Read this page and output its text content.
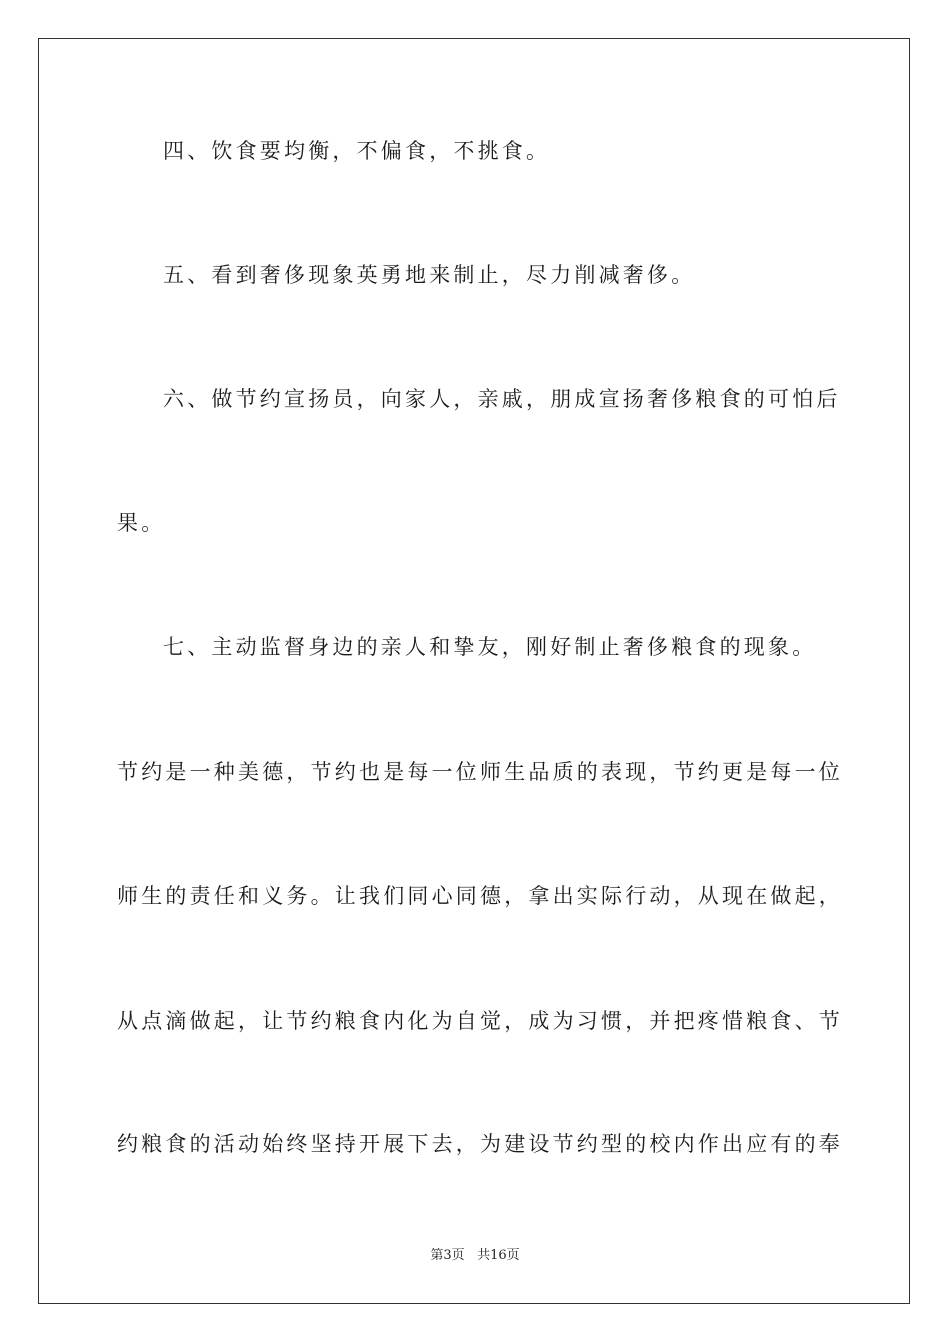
四、饮食要均衡，不偏食，不挑食。
五、看到奢侈现象英勇地来制止，尽力削减奢侈。
六、做节约宣扬员，向家人，亲戚，朋成宣扬奢侈粮食的可怕后
果。
七、主动监督身边的亲人和挚友，刚好制止奢侈粮食的现象。
节约是一种美德，节约也是每一位师生品质的表现，节约更是每一位
师生的责任和义务。让我们同心同德，拿出实际行动，从现在做起，
从点滴做起，让节约粮食内化为自觉，成为习惯，并把疼惜粮食、节
约粮食的活动始终坚持开展下去，为建设节约型的校内作出应有的奉
第3页 共16页
